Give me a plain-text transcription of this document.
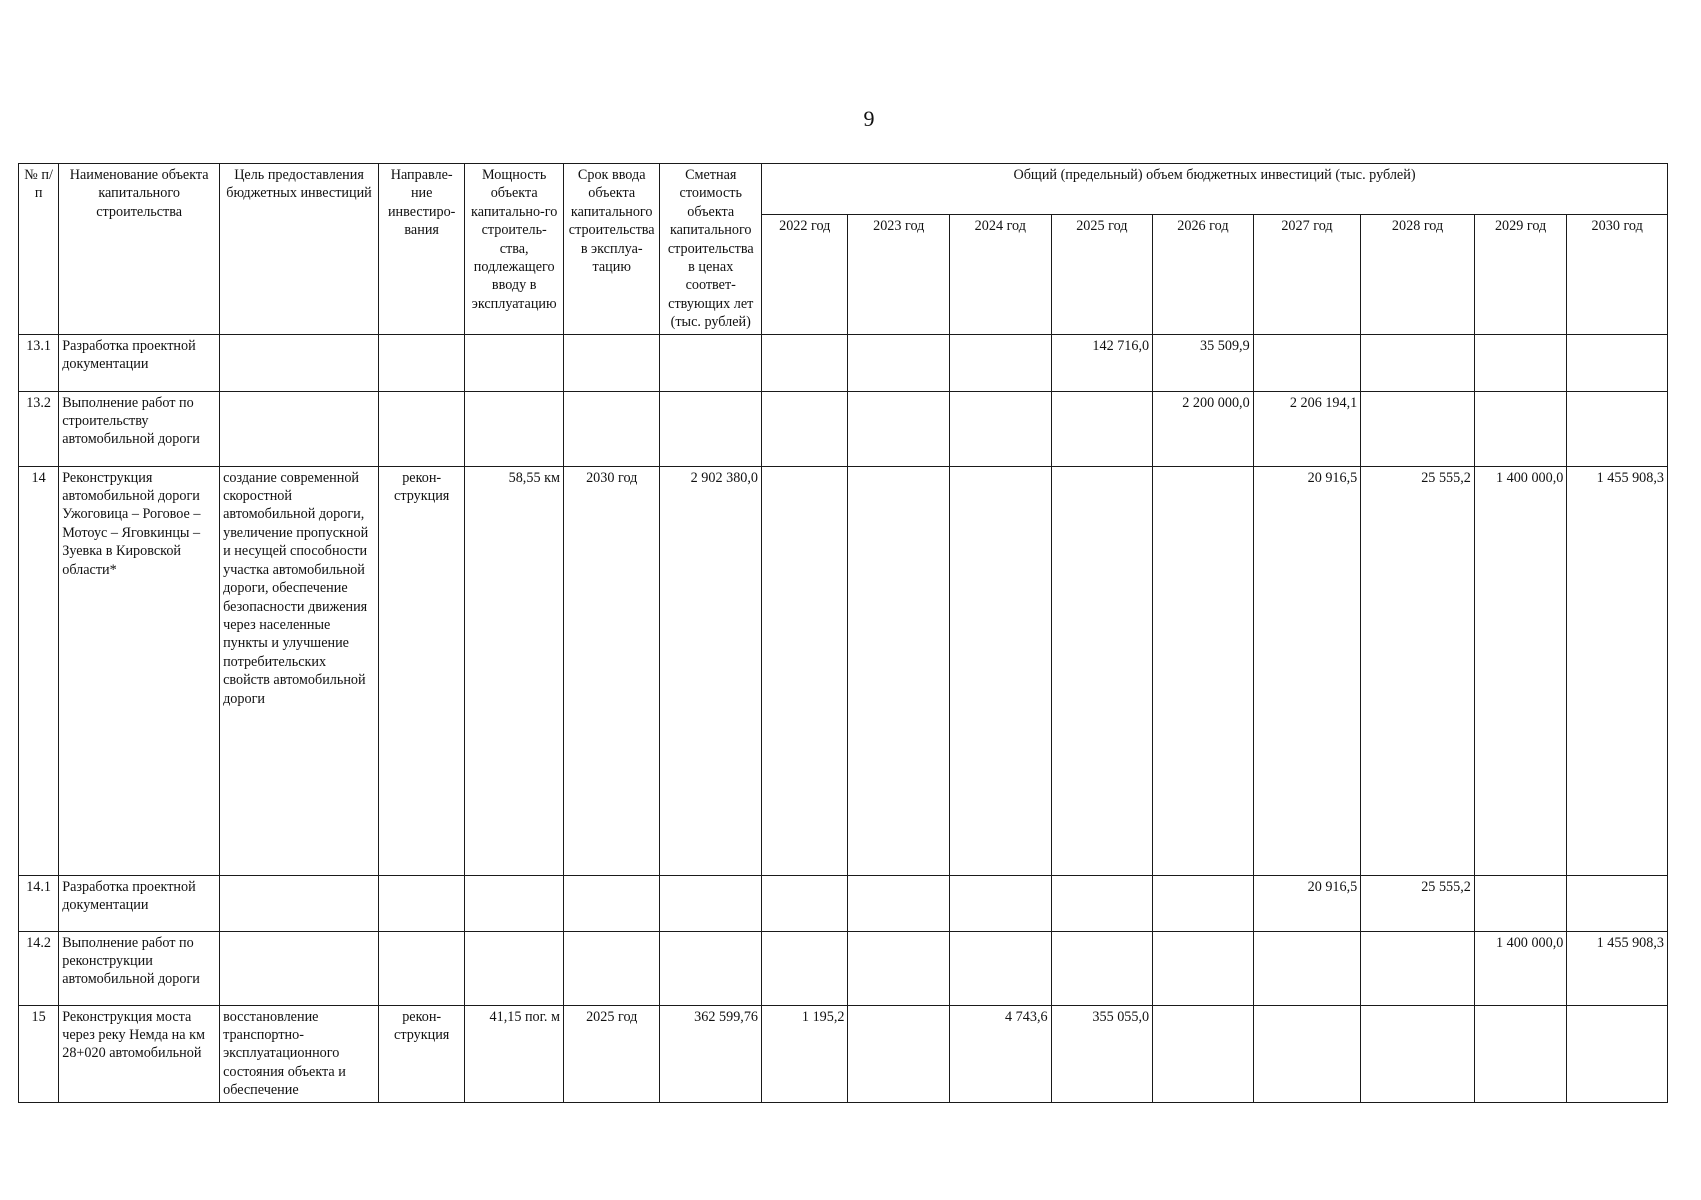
9
№ п/п	Наименование объекта капитального строительства	Цель предоставления бюджетных инвестиций	Направле-ние инвестиро-вания	Мощность объекта капитально-го строитель-ства, подлежащего вводу в эксплуатацию	Срок ввода объекта капитального строительства в эксплуа-тацию	Сметная стоимость объекта капитального строительства в ценах соответ-ствующих лет (тыс. рублей)	Общий (предельный) объем бюджетных инвестиций (тыс. рублей)								
							2022 год	2023 год	2024 год	2025 год	2026 год	2027 год	2028 год	2029 год	2030 год
13.1	Разработка проектной документации									142 716,0	35 509,9				
13.2	Выполнение работ по строительству автомобильной дороги										2 200 000,0	2 206 194,1			
14	Реконструкция автомобильной дороги Ужоговица – Роговое – Мотоус – Яговкинцы – Зуевка в Кировской области*	создание современной скоростной автомобильной дороги, увеличение пропускной и несущей способности участка автомобильной дороги, обеспечение безопасности движения через населенные пункты и улучшение потребительских свойств автомобильной дороги	рекон-струкция	58,55 км	2030 год	2 902 380,0						20 916,5	25 555,2	1 400 000,0	1 455 908,3
14.1	Разработка проектной документации											20 916,5	25 555,2		
14.2	Выполнение работ по реконструкции автомобильной дороги													1 400 000,0	1 455 908,3
15	Реконструкция моста через реку Немда на км 28+020 автомобильной	восстановление транспортно-эксплуатационного состояния объекта и обеспечение	рекон-струкция	41,15 пог. м	2025 год	362 599,76	1 195,2		4 743,6	355 055,0					
